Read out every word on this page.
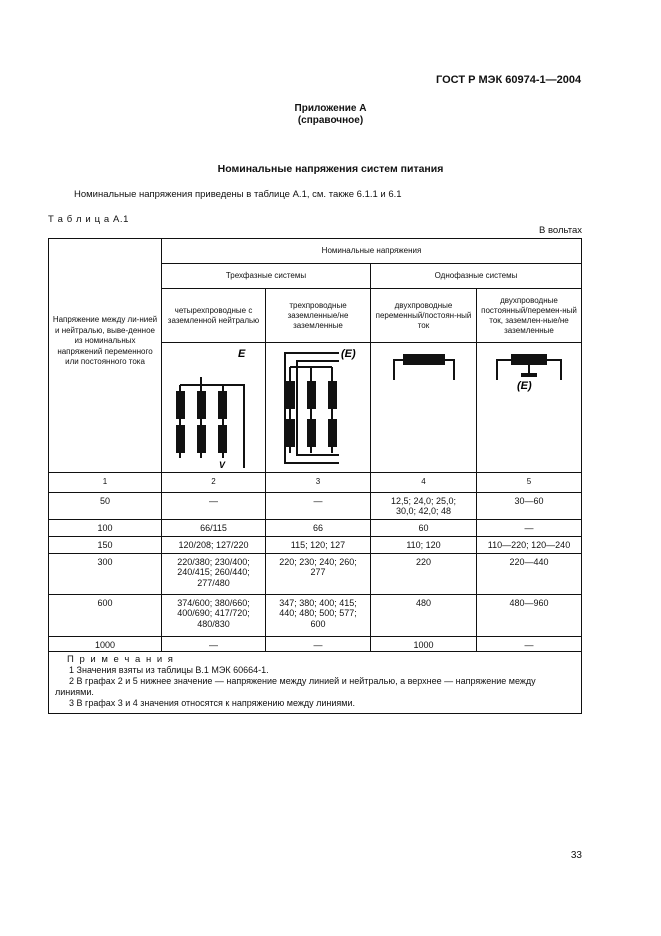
ГОСТ Р МЭК 60974-1—2004
Приложение А
(справочное)
Номинальные напряжения систем питания
Номинальные напряжения приведены в таблице А.1, см. также 6.1.1 и 6.1
Т а б л и ц а А.1
В вольтах
Напряжение между ли-нией и нейтралью, выве-денное из номинальных напряжений переменного или постоянного тока	Номинальные напряжения			
	Трехфазные системы		Однофазные системы	
	четырехпроводные с заземленной нейтралью	трехпроводные заземленные/не заземленные	двухпроводные переменный/постоян-ный ток	двухпроводные постоянный/перемен-ный ток, заземлен-ные/не заземленные

E
V	(E)		(E)

1	2	3	4	5
50	—	—	12,5; 24,0; 25,0; 30,0; 42,0; 48	30—60
100	66/115	66	60	—
150	120/208; 127/220	115; 120; 127	110; 120	110—220; 120—240
300	220/380; 230/400; 240/415; 260/440; 277/480	220; 230; 240; 260; 277	220	220—440
600	374/600; 380/660; 400/690; 417/720; 480/830	347; 380; 400; 415; 440; 480; 500; 577; 600	480	480—960
1000	—	—	1000	—

П р и м е ч а н и я
1 Значения взяты из таблицы В.1 МЭК 60664-1.
2 В графах 2 и 5 нижнее значение — напряжение между линией и нейтралью, а верхнее — напряжение между линиями.
3 В графах 3 и 4 значения относятся к напряжению между линиями.				
33
